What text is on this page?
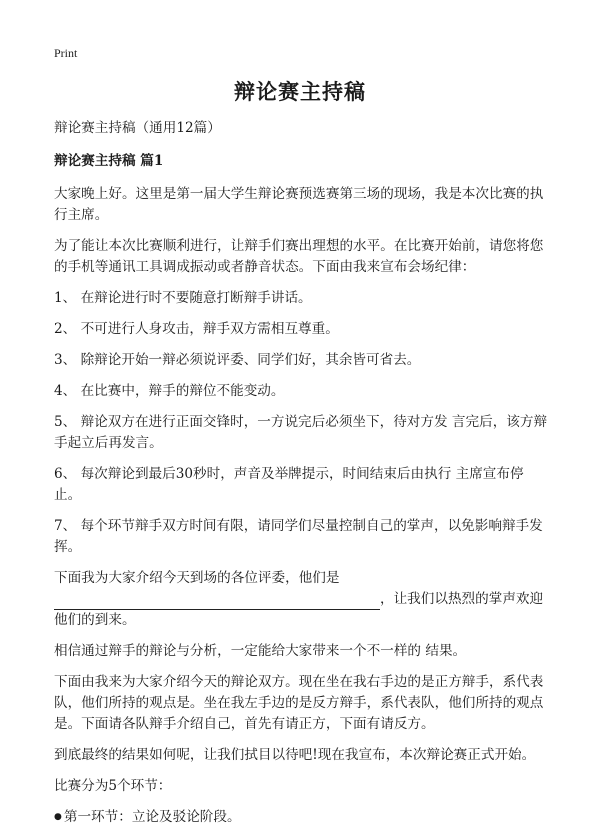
Print
辩论赛主持稿

辩论赛主持稿（通用12篇）

辩论赛主持稿 篇1

大家晚上好。这里是第一届大学生辩论赛预选赛第三场的现场，我是本次比赛的执行主席。

为了能让本次比赛顺利进行，让辩手们赛出理想的水平。在比赛开始前，请您将您的手机等通讯工具调成振动或者静音状态。下面由我来宣布会场纪律：

1、 在辩论进行时不要随意打断辩手讲话。

2、 不可进行人身攻击，辩手双方需相互尊重。

3、 除辩论开始一辩必须说评委、同学们好，其余皆可省去。

4、 在比赛中，辩手的辩位不能变动。

5、 辩论双方在进行正面交锋时，一方说完后必须坐下，待对方发 言完后，该方辩手起立后再发言。

6、 每次辩论到最后30秒时，声音及举牌提示，时间结束后由执行 主席宣布停止。

7、 每个环节辩手双方时间有限，请同学们尽量控制自己的掌声，以免影响辩手发挥。

下面我为大家介绍今天到场的各位评委，他们是
，让我们以热烈的掌声欢迎他们的到来。

相信通过辩手的辩论与分析，一定能给大家带来一个不一样的 结果。

下面由我来为大家介绍今天的辩论双方。现在坐在我右手边的是正方辩手，系代表队，他们所持的观点是。坐在我左手边的是反方辩手，系代表队，他们所持的观点是。下面请各队辩手介绍自己，首先有请正方，下面有请反方。

到底最终的结果如何呢，让我们拭目以待吧!现在我宣布，本次辩论赛正式开始。

比赛分为5个环节：

● 第一环节：立论及驳论阶段。
